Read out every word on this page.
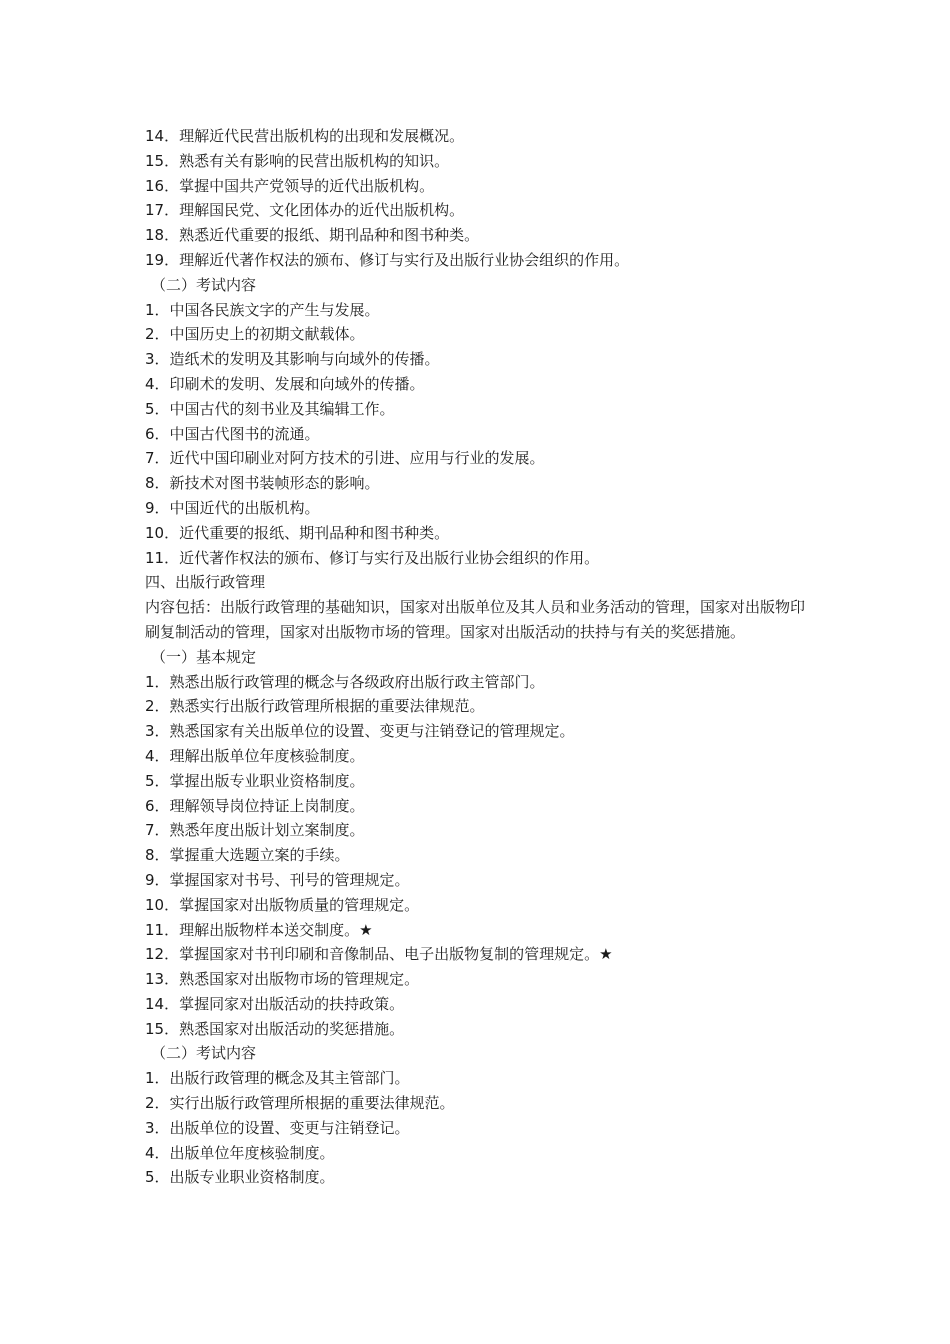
14．理解近代民营出版机构的出现和发展概况。

15．熟悉有关有影响的民营出版机构的知识。

16．掌握中国共产党领导的近代出版机构。

17．理解国民党、文化团体办的近代出版机构。

18．熟悉近代重要的报纸、期刊品种和图书种类。

19．理解近代著作权法的颁布、修订与实行及出版行业协会组织的作用。

（二）考试内容

1．中国各民族文字的产生与发展。

2．中国历史上的初期文献载体。

3．造纸术的发明及其影响与向域外的传播。

4．印刷术的发明、发展和向域外的传播。

5．中国古代的刻书业及其编辑工作。

6．中国古代图书的流通。

7．近代中国印刷业对阿方技术的引进、应用与行业的发展。

8．新技术对图书装帧形态的影响。

9．中国近代的出版机构。

10．近代重要的报纸、期刊品种和图书种类。

11．近代著作权法的颁布、修订与实行及出版行业协会组织的作用。

四、出版行政管理

内容包括：出版行政管理的基础知识，国家对出版单位及其人员和业务活动的管理，国家对出版物印刷复制活动的管理，国家对出版物市场的管理。国家对出版活动的扶持与有关的奖惩措施。

（一）基本规定

1．熟悉出版行政管理的概念与各级政府出版行政主管部门。

2．熟悉实行出版行政管理所根据的重要法律规范。

3．熟悉国家有关出版单位的设置、变更与注销登记的管理规定。

4．理解出版单位年度核验制度。

5．掌握出版专业职业资格制度。

6．理解领导岗位持证上岗制度。

7．熟悉年度出版计划立案制度。

8．掌握重大选题立案的手续。

9．掌握国家对书号、刊号的管理规定。

10．掌握国家对出版物质量的管理规定。

11．理解出版物样本送交制度。★

12．掌握国家对书刊印刷和音像制品、电子出版物复制的管理规定。★

13．熟悉国家对出版物市场的管理规定。

14．掌握同家对出版活动的扶持政策。

15．熟悉国家对出版活动的奖惩措施。

（二）考试内容

1．出版行政管理的概念及其主管部门。

2．实行出版行政管理所根据的重要法律规范。

3．出版单位的设置、变更与注销登记。

4．出版单位年度核验制度。

5．出版专业职业资格制度。
